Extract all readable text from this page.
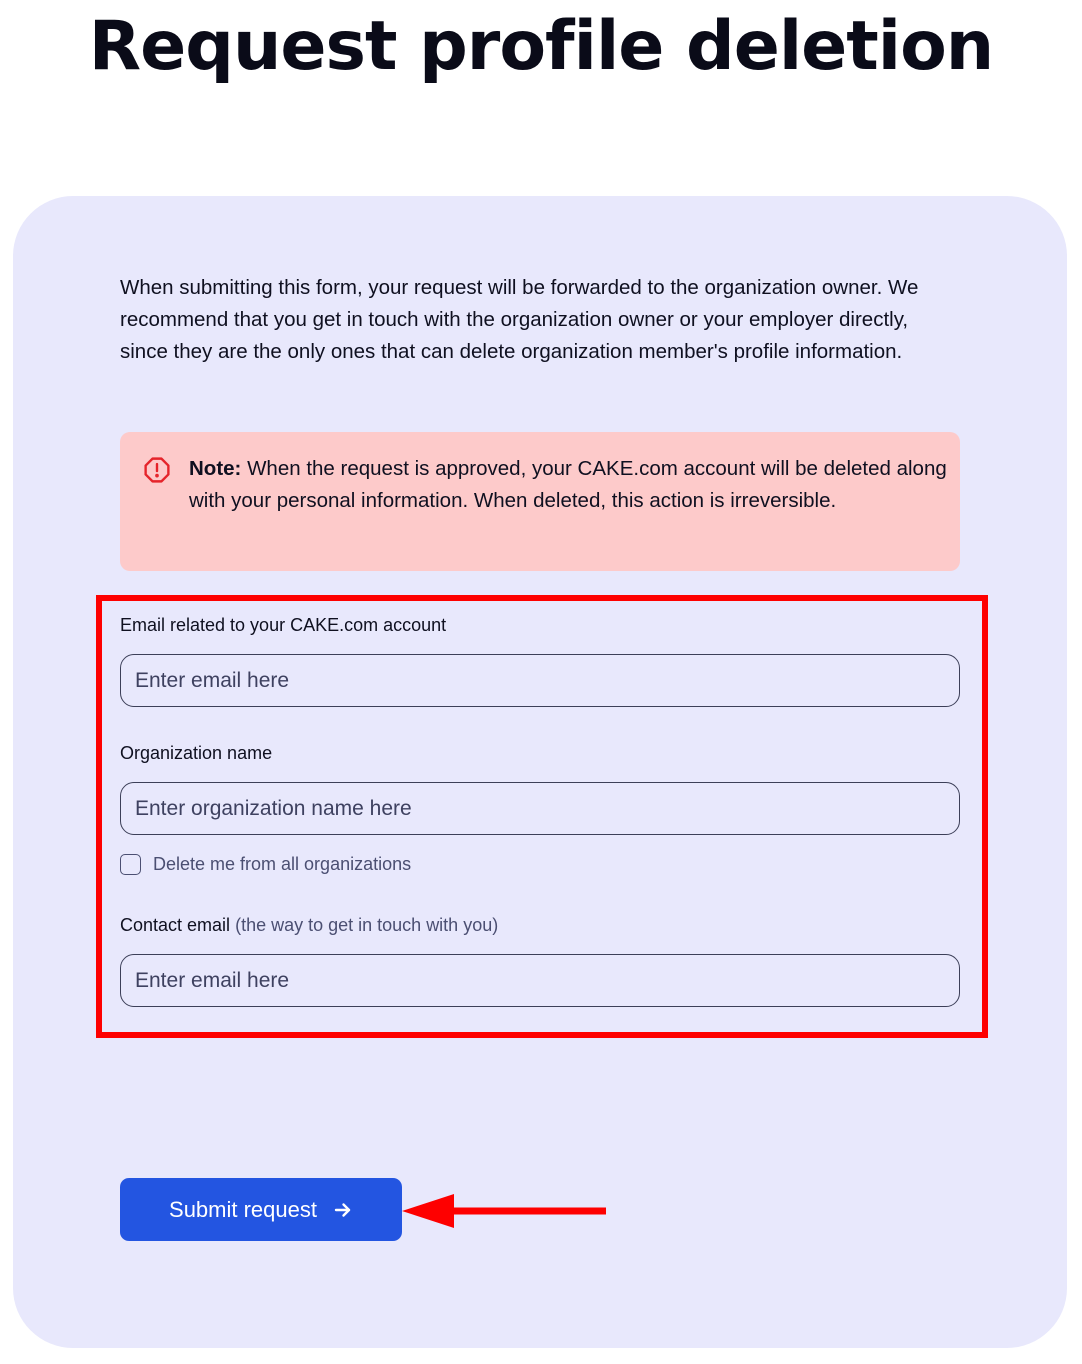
Request profile deletion

When submitting this form, your request will be forwarded to the organization owner. We recommend that you get in touch with the organization owner or your employer directly, since they are the only ones that can delete organization member's profile information.

Note: When the request is approved, your CAKE.com account will be deleted along with your personal information. When deleted, this action is irreversible.
Email related to your CAKE.com account
Enter email here
Organization name
Enter organization name here
Delete me from all organizations
Contact email (the way to get in touch with you)
Enter email here
Submit request
